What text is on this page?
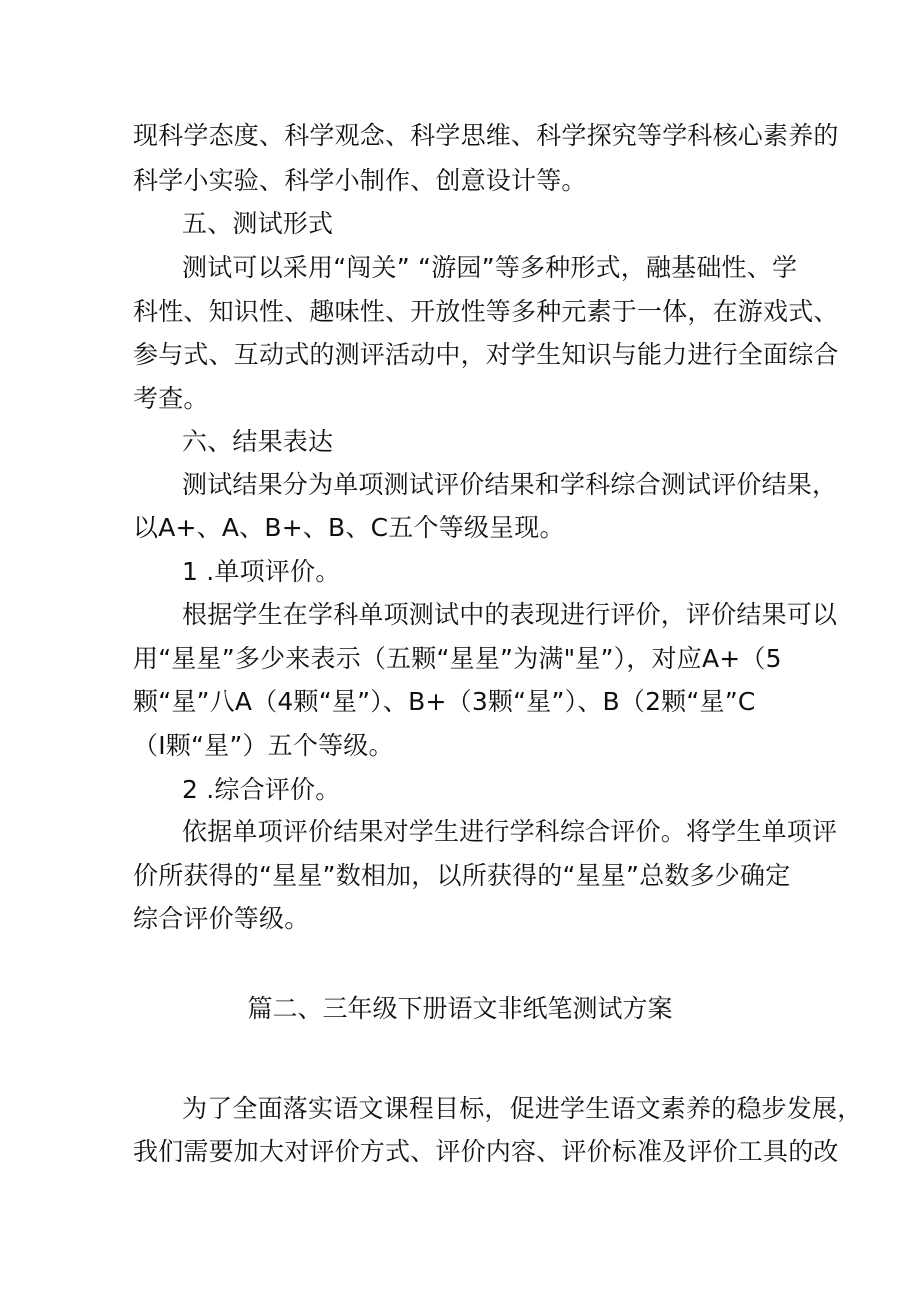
现科学态度、科学观念、科学思维、科学探究等学科核心素养的
科学小实验、科学小制作、创意设计等。
五、测试形式
测试可以采用“闯关” “游园”等多种形式，融基础性、学
科性、知识性、趣味性、开放性等多种元素于一体，在游戏式、
参与式、互动式的测评活动中，对学生知识与能力进行全面综合
考查。
六、结果表达
测试结果分为单项测试评价结果和学科综合测试评价结果，
以A+、A、B+、B、C五个等级呈现。
1 .单项评价。
根据学生在学科单项测试中的表现进行评价，评价结果可以
用“星星”多少来表示（五颗“星星”为满"星”），对应A+（5
颗“星”八A（4颗“星”）、B+（3颗“星”）、B（2颗“星”C
（I颗“星”）五个等级。
2 .综合评价。
依据单项评价结果对学生进行学科综合评价。将学生单项评
价所获得的“星星”数相加，以所获得的“星星”总数多少确定
综合评价等级。
篇二、三年级下册语文非纸笔测试方案
为了全面落实语文课程目标，促进学生语文素养的稳步发展，
我们需要加大对评价方式、评价内容、评价标准及评价工具的改
